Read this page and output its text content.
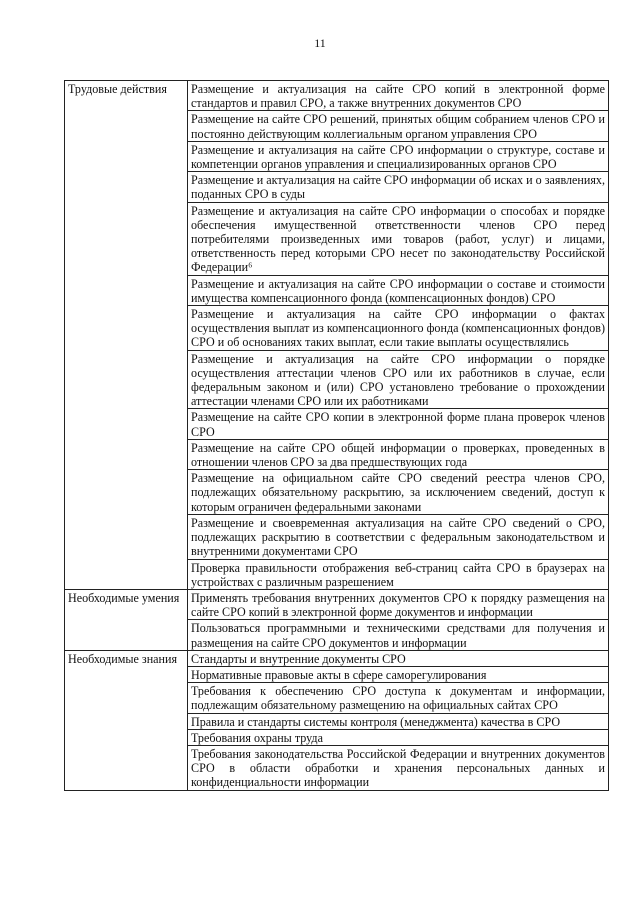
11
Трудовые действия	Размещение и актуализация на сайте СРО копий в электронной форме стандартов и правил СРО, а также внутренних документов СРО
	Размещение на сайте СРО решений, принятых общим собранием членов СРО и постоянно действующим коллегиальным органом управления СРО
	Размещение и актуализация на сайте СРО информации о структуре, составе и компетенции органов управления и специализированных органов СРО
	Размещение и актуализация на сайте СРО информации об исках и о заявлениях, поданных СРО в суды
	Размещение и актуализация на сайте СРО информации о способах и порядке обеспечения имущественной ответственности членов СРО перед потребителями произведенных ими товаров (работ, услуг) и лицами, ответственность перед которыми СРО несет по законодательству Российской Федерации⁶
	Размещение и актуализация на сайте СРО информации о составе и стоимости имущества компенсационного фонда (компенсационных фондов) СРО
	Размещение и актуализация на сайте СРО информации о фактах осуществления выплат из компенсационного фонда (компенсационных фондов) СРО и об основаниях таких выплат, если такие выплаты осуществлялись
	Размещение и актуализация на сайте СРО информации о порядке осуществления аттестации членов СРО или их работников в случае, если федеральным законом и (или) СРО установлено требование о прохождении аттестации членами СРО или их работниками
	Размещение на сайте СРО копии в электронной форме плана проверок членов СРО
	Размещение на сайте СРО общей информации о проверках, проведенных в отношении членов СРО за два предшествующих года
	Размещение на официальном сайте СРО сведений реестра членов СРО, подлежащих обязательному раскрытию, за исключением сведений, доступ к которым ограничен федеральными законами
	Размещение и своевременная актуализация на сайте СРО сведений о СРО, подлежащих раскрытию в соответствии с федеральным законодательством и внутренними документами СРО
	Проверка правильности отображения веб-страниц сайта СРО в браузерах на устройствах с различным разрешением
Необходимые умения	Применять требования внутренних документов СРО к порядку размещения на сайте СРО копий в электронной форме документов и информации
	Пользоваться программными и техническими средствами для получения и размещения на сайте СРО документов и информации
Необходимые знания	Стандарты и внутренние документы СРО
	Нормативные правовые акты в сфере саморегулирования
	Требования к обеспечению СРО доступа к документам и информации, подлежащим обязательному размещению на официальных сайтах СРО
	Правила и стандарты системы контроля (менеджмента) качества в СРО
	Требования охраны труда
	Требования законодательства Российской Федерации и внутренних документов СРО в области обработки и хранения персональных данных и конфиденциальности информации
